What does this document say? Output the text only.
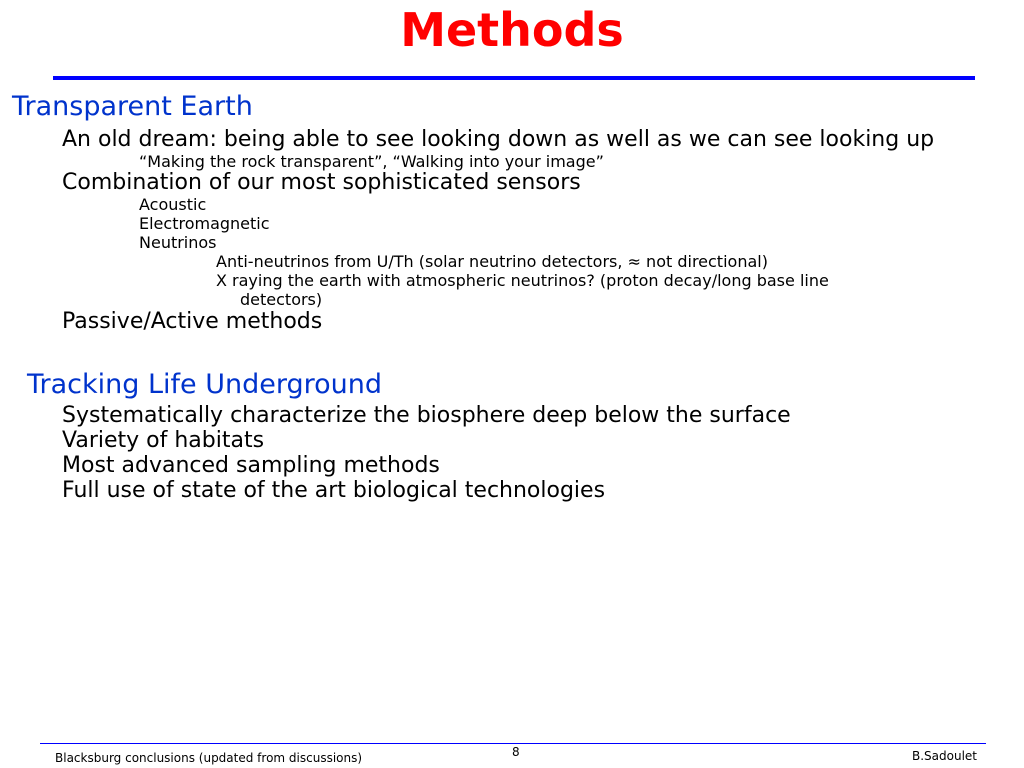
Methods
Transparent Earth
An old dream: being able to see looking down as well as we can see looking up
“Making the rock transparent”, “Walking into your image”
Combination of our most sophisticated sensors
Acoustic
Electromagnetic
Neutrinos
Anti-neutrinos from U/Th (solar neutrino detectors, ≈ not directional)
X raying the earth with atmospheric neutrinos? (proton decay/long base line
detectors)
Passive/Active methods
Tracking Life Underground
Systematically characterize the biosphere deep below the surface
Variety of habitats
Most advanced sampling methods
Full use of state of the art biological technologies
Blacksburg conclusions (updated from discussions)	8	B.Sadoulet
